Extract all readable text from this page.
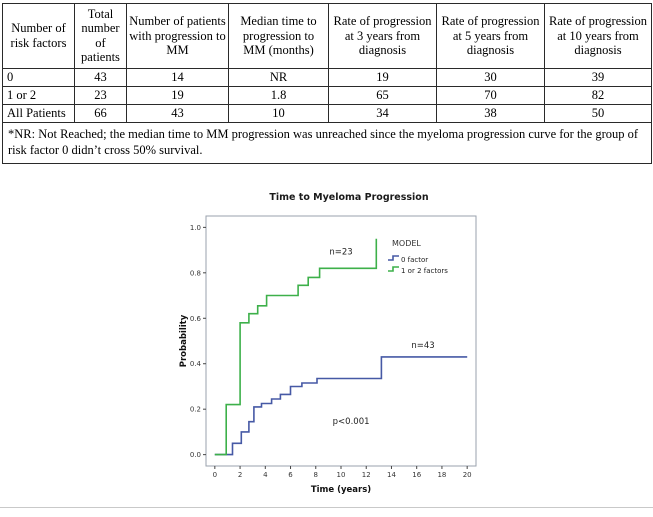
Number of risk factors	Total number of patients	Number of patients with progression to MM	Median time to progression to MM (months)	Rate of progression at 3 years from diagnosis	Rate of progression at 5 years from diagnosis	Rate of progression at 10 years from diagnosis
0	43	14	NR	19	30	39
1 or 2	23	19	1.8	65	70	82
All Patients	66	43	10	34	38	50
*NR: Not Reached; the median time to MM progression was unreached since the myeloma progression curve for the group of risk factor 0 didn’t cross 50% survival.						
Time to Myeloma Progression
0	2	4	6	8	10 12 14 16 18 20
0.0
0.2
0.4
0.6
0.8
1.0
Time (years)
Probability
MODEL
0 factor
1 or 2 factors
n=23
n=43
p<0.001
